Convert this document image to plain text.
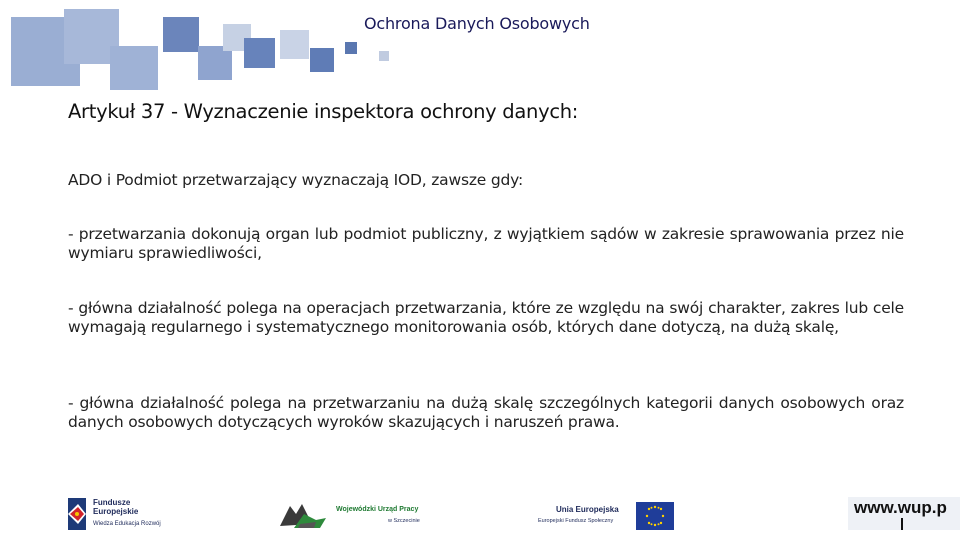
Ochrona Danych Osobowych
Artykuł 37 - Wyznaczenie inspektora ochrony danych:
ADO i Podmiot przetwarzający wyznaczają IOD, zawsze gdy:
- przetwarzania dokonują organ lub podmiot publiczny, z wyjątkiem sądów w zakresie sprawowania przez nie wymiaru sprawiedliwości,
- główna działalność polega na operacjach przetwarzania, które ze względu na swój charakter, zakres lub cele wymagają regularnego i systematycznego monitorowania osób, których dane dotyczą, na dużą skalę,
- główna działalność polega na przetwarzaniu na dużą skalę szczególnych kategorii danych osobowych oraz danych osobowych dotyczących wyroków skazujących i naruszeń prawa.
Fundusze
Europejskie
Wiedza Edukacja Rozwój
Wojewódzki Urząd Pracy
w Szczecinie
Unia Europejska
Europejski Fundusz Społeczny
www.wup.p
